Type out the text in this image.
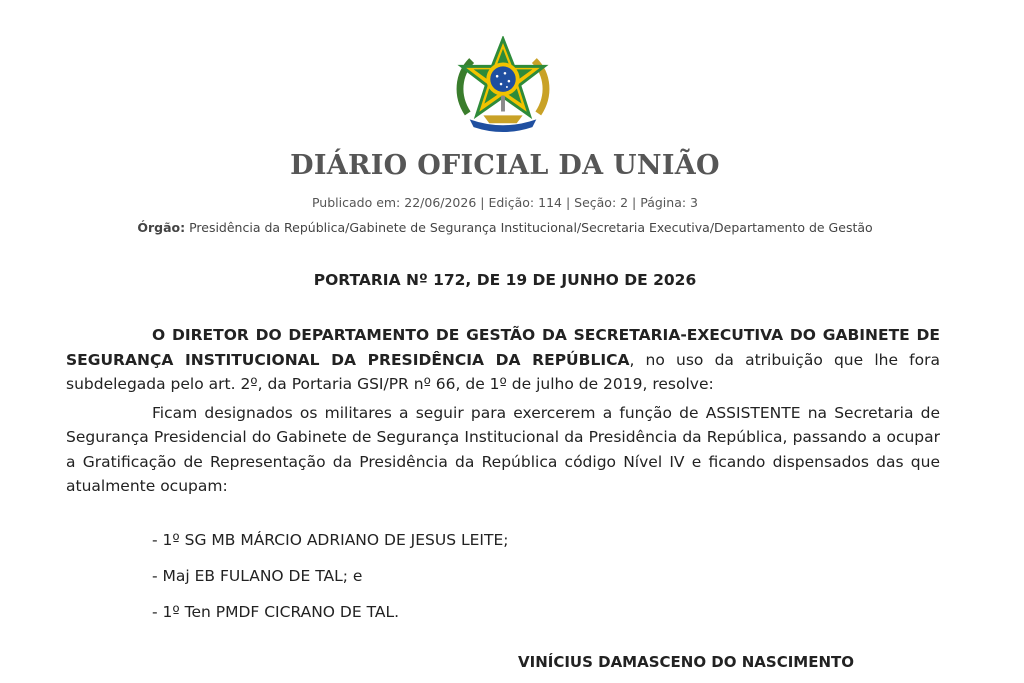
DIÁRIO OFICIAL DA UNIÃO
Publicado em: 22/06/2026 | Edição: 114 | Seção: 2 | Página: 3
Órgão: Presidência da República/Gabinete de Segurança Institucional/Secretaria Executiva/Departamento de Gestão
PORTARIA Nº 172, DE 19 DE JUNHO DE 2026

O DIRETOR DO DEPARTAMENTO DE GESTÃO DA SECRETARIA-EXECUTIVA DO GABINETE DE SEGURANÇA INSTITUCIONAL DA PRESIDÊNCIA DA REPÚBLICA, no uso da atribuição que lhe fora subdelegada pelo art. 2º, da Portaria GSI/PR nº 66, de 1º de julho de 2019, resolve:

Ficam designados os militares a seguir para exercerem a função de ASSISTENTE na Secretaria de Segurança Presidencial do Gabinete de Segurança Institucional da Presidência da República, passando a ocupar a Gratificação de Representação da Presidência da República código Nível IV e ficando dispensados das que atualmente ocupam:

- 1º SG MB MÁRCIO ADRIANO DE JESUS LEITE;
- Maj EB FULANO DE TAL; e
- 1º Ten PMDF CICRANO DE TAL.
VINÍCIUS DAMASCENO DO NASCIMENTO
